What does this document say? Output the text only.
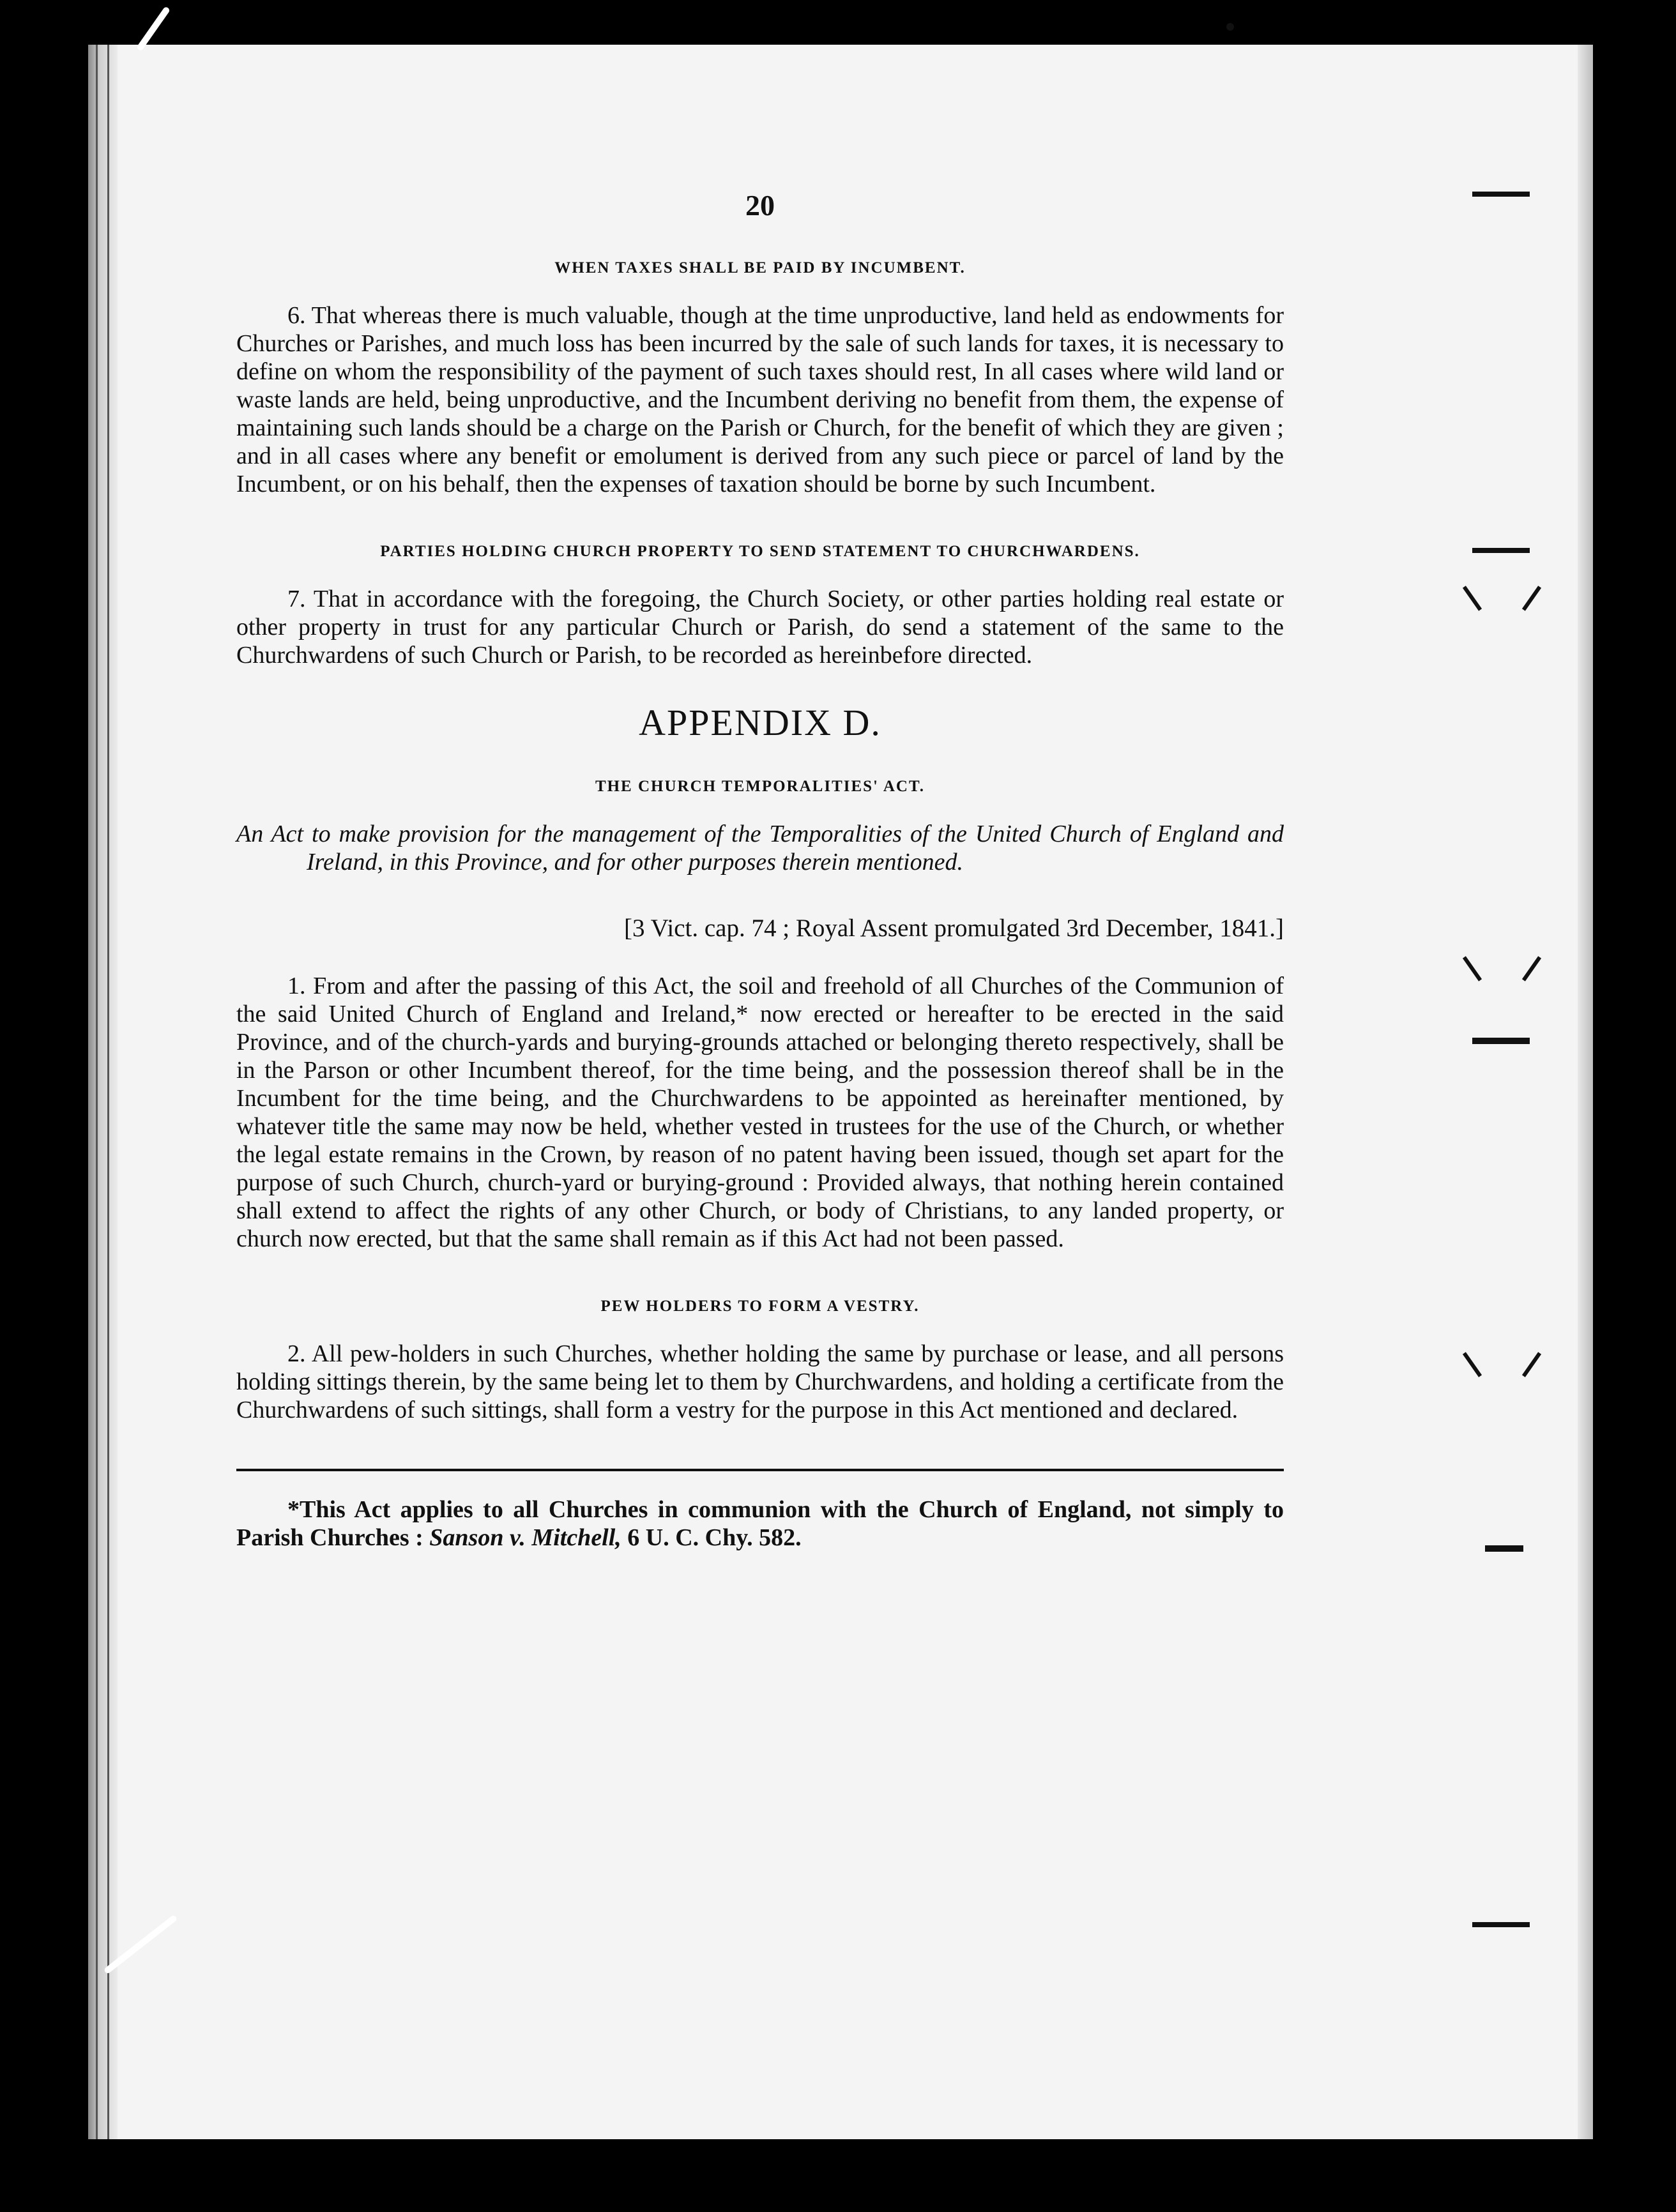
20
WHEN TAXES SHALL BE PAID BY INCUMBENT.

6. That whereas there is much valuable, though at the time unproductive, land held as endowments for Churches or Parishes, and much loss has been incurred by the sale of such lands for taxes, it is necessary to define on whom the responsibility of the payment of such taxes should rest, In all cases where wild land or waste lands are held, being unproductive, and the Incumbent deriving no benefit from them, the expense of maintaining such lands should be a charge on the Parish or Church, for the benefit of which they are given ; and in all cases where any benefit or emolument is derived from any such piece or parcel of land by the Incumbent, or on his behalf, then the expenses of taxation should be borne by such Incumbent.

PARTIES HOLDING CHURCH PROPERTY TO SEND STATEMENT TO CHURCHWARDENS.

7. That in accordance with the foregoing, the Church Society, or other parties holding real estate or other property in trust for any particular Church or Parish, do send a statement of the same to the Churchwardens of such Church or Parish, to be recorded as hereinbefore directed.

APPENDIX D.
THE CHURCH TEMPORALITIES' ACT.

An Act to make provision for the management of the Temporalities of the United Church of England and Ireland, in this Province, and for other purposes therein mentioned.

[3 Vict. cap. 74 ; Royal Assent promulgated 3rd December, 1841.]

1. From and after the passing of this Act, the soil and freehold of all Churches of the Communion of the said United Church of England and Ireland,* now erected or hereafter to be erected in the said Province, and of the church-yards and burying-grounds attached or belonging thereto respectively, shall be in the Parson or other Incumbent thereof, for the time being, and the possession thereof shall be in the Incumbent for the time being, and the Churchwardens to be appointed as hereinafter mentioned, by whatever title the same may now be held, whether vested in trustees for the use of the Church, or whether the legal estate remains in the Crown, by reason of no patent having been issued, though set apart for the purpose of such Church, church-yard or burying-ground : Provided always, that nothing herein contained shall extend to affect the rights of any other Church, or body of Christians, to any landed property, or church now erected, but that the same shall remain as if this Act had not been passed.

PEW HOLDERS TO FORM A VESTRY.

2. All pew-holders in such Churches, whether holding the same by purchase or lease, and all persons holding sittings therein, by the same being let to them by Churchwardens, and holding a certificate from the Churchwardens of such sittings, shall form a vestry for the purpose in this Act mentioned and declared.

*This Act applies to all Churches in communion with the Church of England, not simply to Parish Churches : Sanson v. Mitchell, 6 U. C. Chy. 582.
